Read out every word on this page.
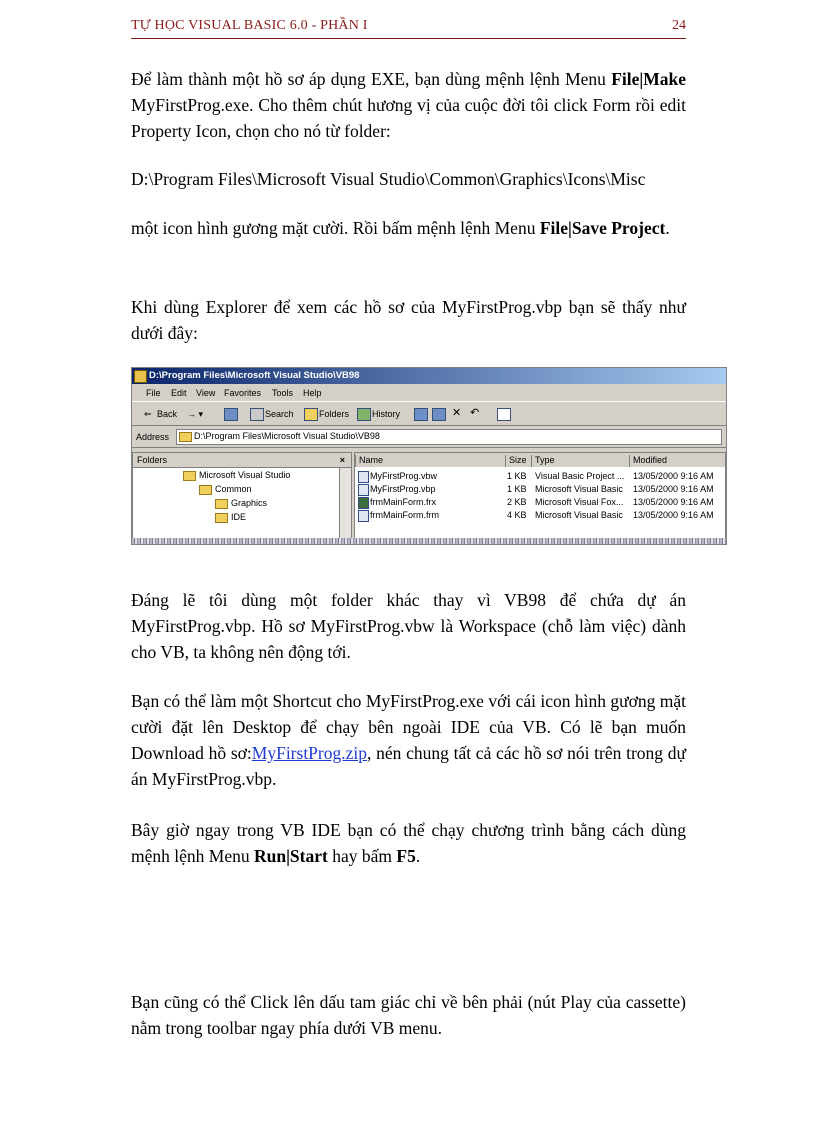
TỰ HỌC VISUAL BASIC 6.0 - PHẦN I	24

Để làm thành một hồ sơ áp dụng EXE, bạn dùng mệnh lệnh Menu File|Make MyFirstProg.exe. Cho thêm chút hương vị của cuộc đời tôi click Form rồi edit Property Icon, chọn cho nó từ folder:

D:\Program Files\Microsoft Visual Studio\Common\Graphics\Icons\Misc

một icon hình gương mặt cười. Rồi bấm mệnh lệnh Menu File|Save Project.

Khi dùng Explorer để xem các hồ sơ của MyFirstProg.vbp bạn sẽ thấy như dưới đây:

D:\Program Files\Microsoft Visual Studio\VB98
File Edit View Favorites Tools Help
⇐ Back → ▾	Search	Folders	History	✕ ↶
Address	D:\Program Files\Microsoft Visual Studio\VB98
Folders	×
Microsoft Visual Studio
Common
Graphics
IDE
Name	Size Type	Modified
MyFirstProg.vbw	1 KB Visual Basic Project ... 13/05/2000 9:16 AM
MyFirstProg.vbp	1 KB Microsoft Visual Basic 13/05/2000 9:16 AM
frmMainForm.frx	2 KB Microsoft Visual Fox... 13/05/2000 9:16 AM
frmMainForm.frm	4 KB Microsoft Visual Basic 13/05/2000 9:16 AM

Đáng lẽ tôi dùng một folder khác thay vì VB98 để chứa dự án MyFirstProg.vbp. Hồ sơ MyFirstProg.vbw là Workspace (chỗ làm việc) dành cho VB, ta không nên động tới.

Bạn có thể làm một Shortcut cho MyFirstProg.exe với cái icon hình gương mặt cười đặt lên Desktop để chạy bên ngoài IDE của VB. Có lẽ bạn muốn Download hồ sơ:MyFirstProg.zip, nén chung tất cả các hồ sơ nói trên trong dự án MyFirstProg.vbp.

Bây giờ ngay trong VB IDE bạn có thể chạy chương trình bằng cách dùng mệnh lệnh Menu Run|Start hay bấm F5.

Bạn cũng có thể Click lên dấu tam giác chỉ về bên phải (nút Play của cassette) nằm trong toolbar ngay phía dưới VB menu.
